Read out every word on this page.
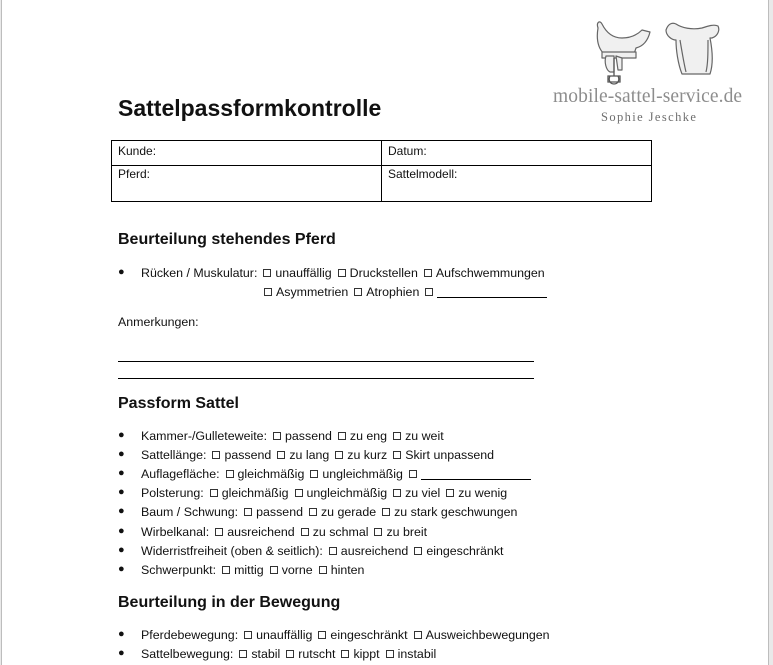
mobile-sattel-service.de
Sophie Jeschke
Sattelpassformkontrolle
Kunde:	Datum:
Pferd:	Sattelmodell:
Beurteilung stehendes Pferd
● Rücken / Muskulatur: unauffällig Druckstellen Aufschwemmungen
Asymmetrien Atrophien
Anmerkungen:
Passform Sattel
● Kammer-/Gulleteweite: passend zu eng zu weit
● Sattellänge: passend zu lang zu kurz Skirt unpassend
● Auflagefläche: gleichmäßig ungleichmäßig
● Polsterung: gleichmäßig ungleichmäßig zu viel zu wenig
● Baum / Schwung: passend zu gerade zu stark geschwungen
● Wirbelkanal: ausreichend zu schmal zu breit
● Widerristfreiheit (oben & seitlich): ausreichend eingeschränkt
● Schwerpunkt: mittig vorne hinten
Beurteilung in der Bewegung
● Pferdebewegung: unauffällig eingeschränkt Ausweichbewegungen
● Sattelbewegung: stabil rutscht kippt instabil
